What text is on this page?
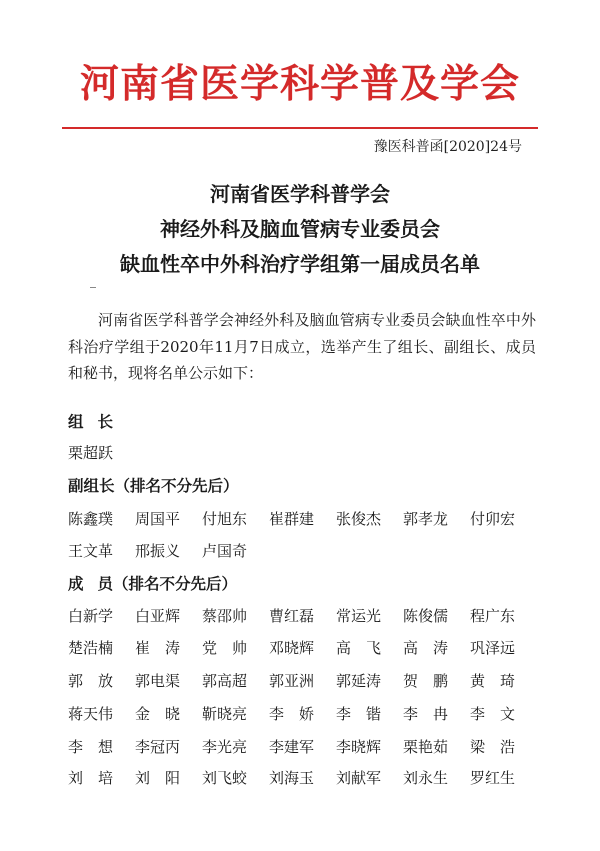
河南省医学科学普及学会
豫医科普函[2020]24号
河南省医学科普学会
神经外科及脑血管病专业委员会
缺血性卒中外科治疗学组第一届成员名单
河南省医学科普学会神经外科及脑血管病专业委员会缺血性卒中外科治疗学组于2020年11月7日成立，选举产生了组长、副组长、成员和秘书，现将名单公示如下：
组长
栗超跃
副组长（排名不分先后）
陈鑫璞 周国平 付旭东 崔群建 张俊杰 郭孝龙 付卯宏
王文革 邢振义 卢国奇
成员（排名不分先后）
白新学 白亚辉 蔡邵帅 曹红磊 常运光 陈俊儒 程广东
楚浩楠 崔涛 党帅 邓晓辉 高飞 高涛 巩泽远
郭放 郭电渠 郭高超 郭亚洲 郭延涛 贺鹏 黄琦
蒋天伟 金晓 靳晓亮 李娇 李锴 李冉 李文
李想 李冠丙 李光亮 李建军 李晓辉 栗艳茹 梁浩
刘培 刘阳 刘飞蛟 刘海玉 刘献军 刘永生 罗红生
